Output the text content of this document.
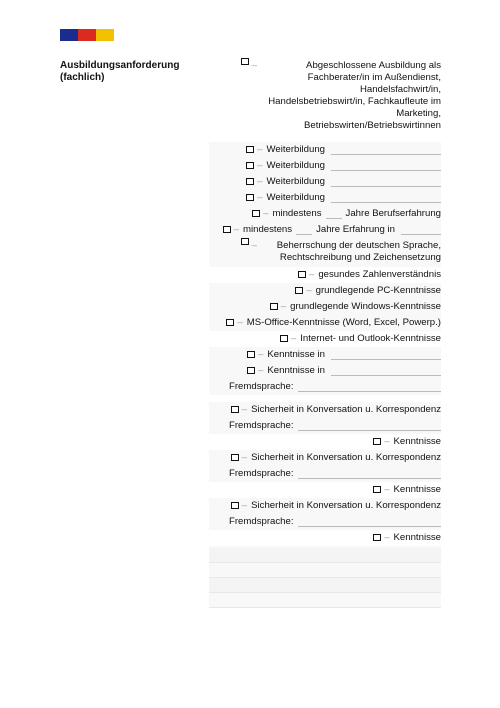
Ausbildungsanforderung (fachlich)
–	Abgeschlossene Ausbildung als Fachberater/in im Außendienst, Handelsfachwirt/in, Handelsbetriebswirt/in, Fachkaufleute im Marketing, Betriebswirten/Betriebswirtinnen
– Weiterbildung
– Weiterbildung
– Weiterbildung
– Weiterbildung
– mindestens	Jahre Berufserfahrung
– mindestens	Jahre Erfahrung in
–	Beherrschung der deutschen Sprache, Rechtschreibung und Zeichensetzung
– gesundes Zahlenverständnis
– grundlegende PC-Kenntnisse
– grundlegende Windows-Kenntnisse
– MS-Office-Kenntnisse (Word, Excel, Powerp.)
– Internet- und Outlook-Kenntnisse
– Kenntnisse in
– Kenntnisse in
Fremdsprache:
– Sicherheit in Konversation u. Korrespondenz
Fremdsprache:
– Kenntnisse
– Sicherheit in Konversation u. Korrespondenz
Fremdsprache:
– Kenntnisse
– Sicherheit in Konversation u. Korrespondenz
Fremdsprache:
– Kenntnisse
